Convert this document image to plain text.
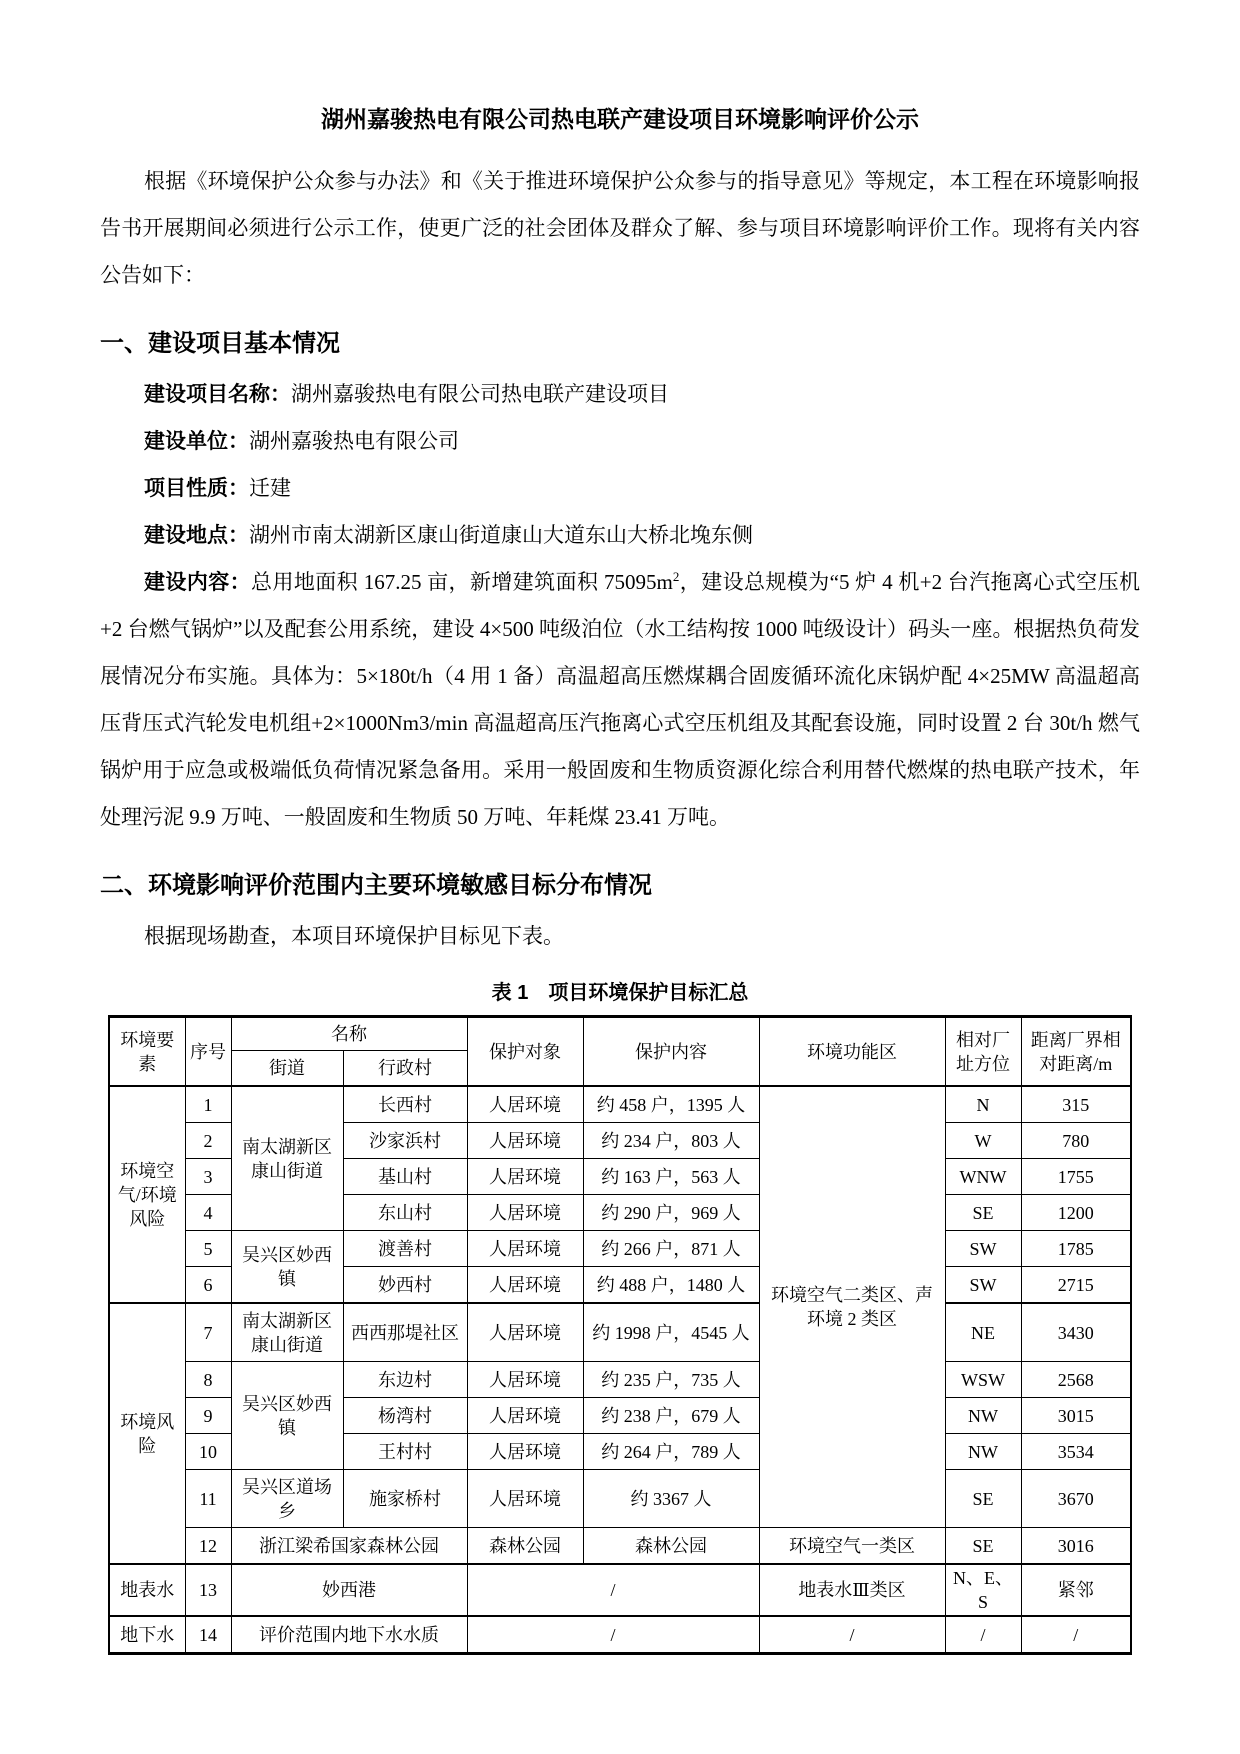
湖州嘉骏热电有限公司热电联产建设项目环境影响评价公示

根据《环境保护公众参与办法》和《关于推进环境保护公众参与的指导意见》等规定，本工程在环境影响报告书开展期间必须进行公示工作，使更广泛的社会团体及群众了解、参与项目环境影响评价工作。现将有关内容公告如下：

一、建设项目基本情况

建设项目名称：湖州嘉骏热电有限公司热电联产建设项目

建设单位：湖州嘉骏热电有限公司

项目性质：迁建

建设地点：湖州市南太湖新区康山街道康山大道东山大桥北堍东侧

建设内容：总用地面积 167.25 亩，新增建筑面积 $75095m^2$，建设总规模为“5 炉 4 机+2 台汽拖离心式空压机+2 台燃气锅炉”以及配套公用系统，建设 4×500 吨级泊位（水工结构按 1000 吨级设计）码头一座。根据热负荷发展情况分布实施。具体为：5×180t/h（4 用 1 备）高温超高压燃煤耦合固废循环流化床锅炉配 4×25MW 高温超高压背压式汽轮发电机组+2×1000Nm3/min 高温超高压汽拖离心式空压机组及其配套设施，同时设置 2 台 30t/h 燃气锅炉用于应急或极端低负荷情况紧急备用。采用一般固废和生物质资源化综合利用替代燃煤的热电联产技术，年处理污泥 9.9 万吨、一般固废和生物质 50 万吨、年耗煤 23.41 万吨。

二、环境影响评价范围内主要环境敏感目标分布情况

根据现场勘查，本项目环境保护目标见下表。

表 1　项目环境保护目标汇总
环境要素	序号	名称		保护对象	保护内容	环境功能区	相对厂址方位	距离厂界相对距离/m
		街道	行政村					
环境空气/环境风险	1	南太湖新区康山街道	长西村	人居环境	约 458 户，1395 人	环境空气二类区、声环境 2 类区	N	315
	2		沙家浜村	人居环境	约 234 户，803 人		W	780
	3		基山村	人居环境	约 163 户，563 人		WNW	1755
	4		东山村	人居环境	约 290 户，969 人		SE	1200
	5	吴兴区妙西镇	渡善村	人居环境	约 266 户，871 人		SW	1785
	6		妙西村	人居环境	约 488 户，1480 人		SW	2715
环境风险	7	南太湖新区康山街道	西西那堤社区	人居环境	约 1998 户，4545 人		NE	3430
	8	吴兴区妙西镇	东边村	人居环境	约 235 户，735 人		WSW	2568
	9		杨湾村	人居环境	约 238 户，679 人		NW	3015
	10		王村村	人居环境	约 264 户，789 人		NW	3534
	11	吴兴区道场乡	施家桥村	人居环境	约 3367 人		SE	3670
	12	浙江梁希国家森林公园		森林公园	森林公园	环境空气一类区	SE	3016
地表水	13	妙西港		/		地表水Ⅲ类区	N、E、S	紧邻
地下水	14	评价范围内地下水水质		/		/	/	/
